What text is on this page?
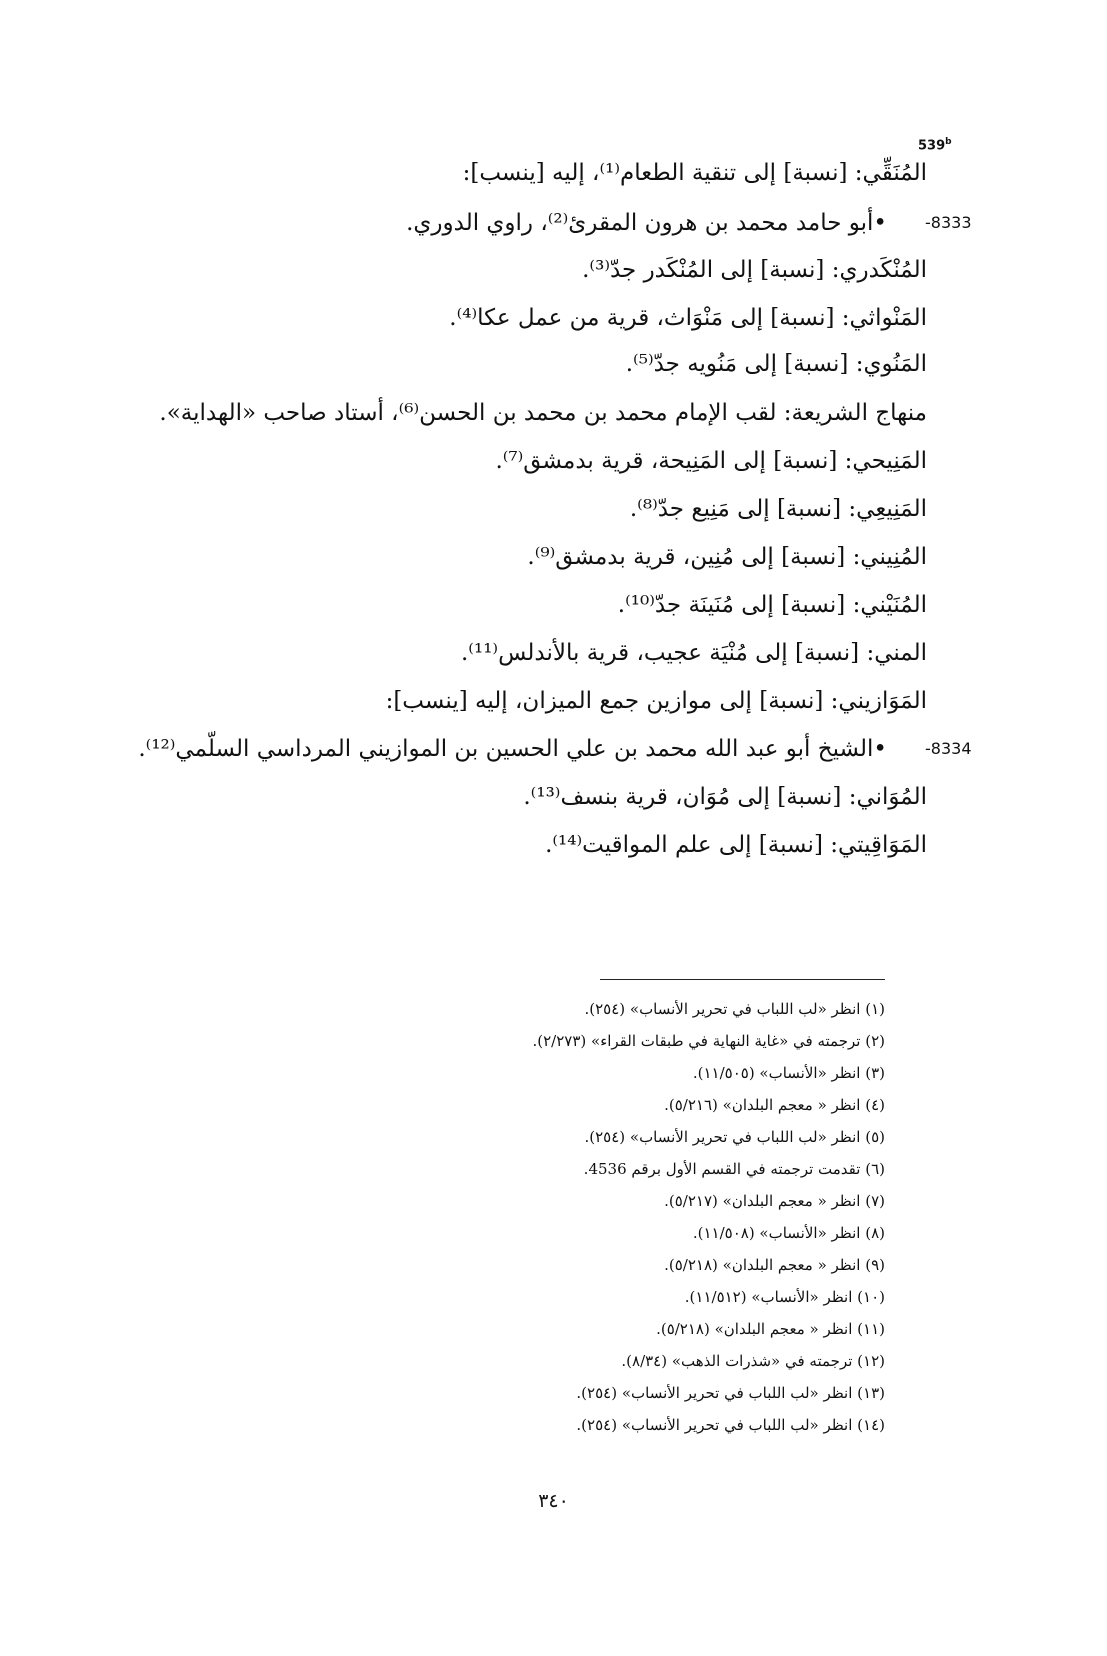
539$^b$
المُنَقِّي: [نسبة] إلى تنقية الطعام⁽¹⁾، إليه [ينسب]:
-8333
•أبو حامد محمد بن هرون المقرئ⁽²⁾، راوي الدوري.
المُنْكَدري: [نسبة] إلى المُنْكَدر جدّ⁽³⁾.
المَنْواثي: [نسبة] إلى مَنْوَاث، قرية من عمل عكا⁽⁴⁾.
المَنُوي: [نسبة] إلى مَنُويه جدّ⁽⁵⁾.
منهاج الشريعة: لقب الإمام محمد بن محمد بن الحسن⁽⁶⁾، أستاد صاحب «الهداية».
المَنِيحي: [نسبة] إلى المَنِيحة، قرية بدمشق⁽⁷⁾.
المَنِيعِي: [نسبة] إلى مَنِيع جدّ⁽⁸⁾.
المُنِيني: [نسبة] إلى مُنِين، قرية بدمشق⁽⁹⁾.
المُنَيْني: [نسبة] إلى مُنَينَة جدّ⁽¹⁰⁾.
المني: [نسبة] إلى مُنْيَة عجيب، قرية بالأندلس⁽¹¹⁾.
المَوَازيني: [نسبة] إلى موازين جمع الميزان، إليه [ينسب]:
-8334
•الشيخ أبو عبد الله محمد بن علي الحسين بن الموازيني المرداسي السلّمي⁽¹²⁾.
المُوَاني: [نسبة] إلى مُوَان، قرية بنسف⁽¹³⁾.
المَوَاقِيتي: [نسبة] إلى علم المواقيت⁽¹⁴⁾.
(١) انظر «لب اللباب في تحرير الأنساب» (٢٥٤).
(٢) ترجمته في «غاية النهاية في طبقات القراء» (٢/٢٧٣).
(٣) انظر «الأنساب» (١١/٥٠٥).
(٤) انظر « معجم البلدان» (٥/٢١٦).
(٥) انظر «لب اللباب في تحرير الأنساب» (٢٥٤).
(٦) تقدمت ترجمته في القسم الأول برقم 4536.
(٧) انظر « معجم البلدان» (٥/٢١٧).
(٨) انظر «الأنساب» (١١/٥٠٨).
(٩) انظر « معجم البلدان» (٥/٢١٨).
(١٠) انظر «الأنساب» (١١/٥١٢).
(١١) انظر « معجم البلدان» (٥/٢١٨).
(١٢) ترجمته في «شذرات الذهب» (٨/٣٤).
(١٣) انظر «لب اللباب في تحرير الأنساب» (٢٥٤).
(١٤) انظر «لب اللباب في تحرير الأنساب» (٢٥٤).
٣٤٠
